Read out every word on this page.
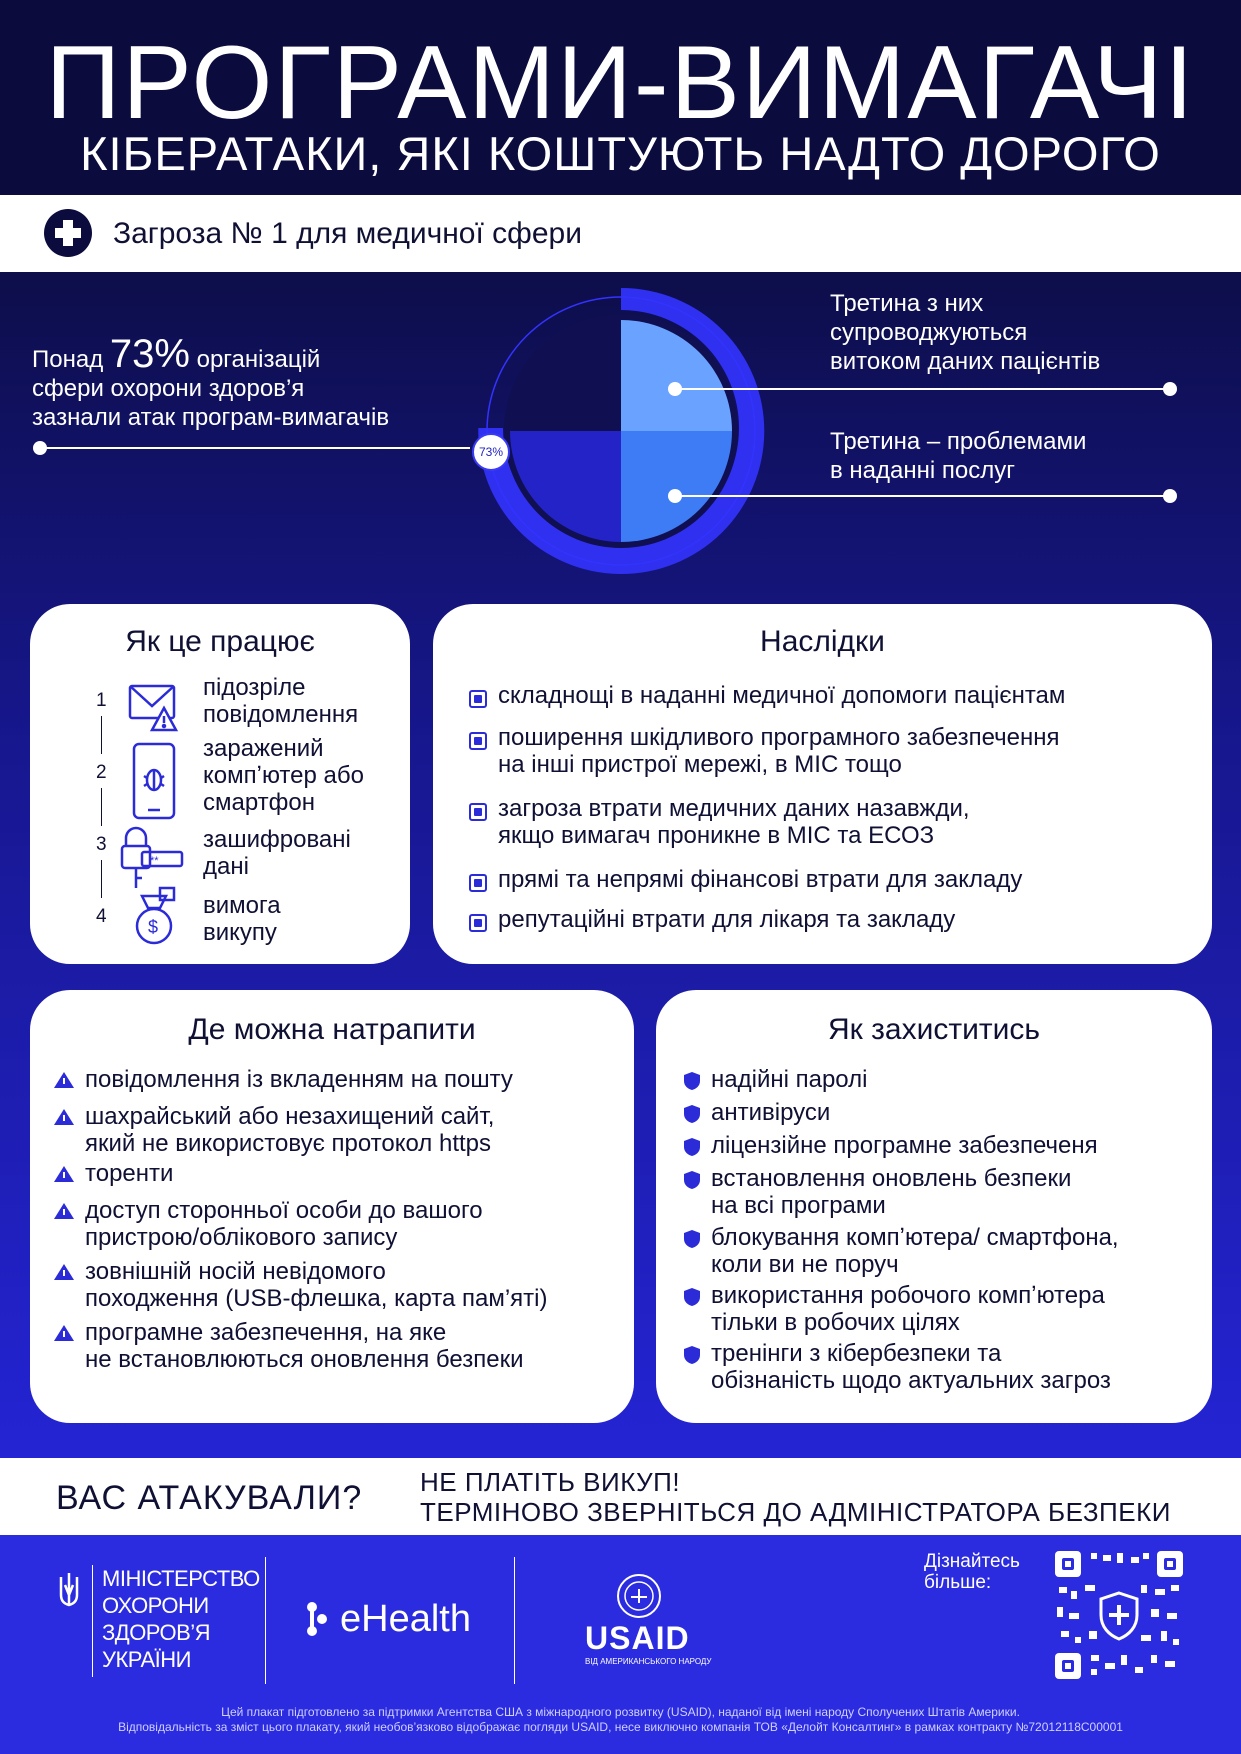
ПРОГРАМИ-ВИМАГАЧІ
КІБЕРАТАКИ, ЯКІ КОШТУЮТЬ НАДТО ДОРОГО
Загроза № 1 для медичної сфери
73%
Понад 73% організацій
сфери охорони здоров’я
зазнали атак програм-вимагачів
Третина з них
супроводжуються
витоком даних пацієнтів
Третина – проблемами
в наданні послуг
Як це працює
1
2
3
4
**
$
підозріле
повідомлення
заражений
компʼютер або
смартфон
зашифровані
дані
вимога
викупу
Наслідки
складнощі в наданні медичної допомоги пацієнтам
поширення шкідливого програмного забезпечення
на інші пристрої мережі, в МІС тощо
загроза втрати медичних даних назавжди,
якщо вимагач проникне в МІС та ЕСОЗ
прямі та непрямі фінансові втрати для закладу
репутаційні втрати для лікаря та закладу
Де можна натрапити
повідомлення із вкладенням на пошту
шахрайський або незахищений сайт,
який не використовує протокол https
торенти
доступ сторонньої особи до вашого
пристрою/облікового запису
зовнішній носій невідомого
походження (USB-флешка, карта пам’яті)
програмне забезпечення, на яке
не встановлюються оновлення безпеки
Як захиститись
надійні паролі
антивіруси
ліцензійне програмне забезпеченя
встановлення оновлень безпеки
на всі програми
блокування компʼютера/ смартфона,
коли ви не поруч
використання робочого компʼютера
тільки в робочих цілях
тренінги з кібербезпеки та
обізнаність щодо актуальних загроз
ВАС АТАКУВАЛИ? НЕ ПЛАТІТЬ ВИКУП!
ТЕРМІНОВО ЗВЕРНІТЬСЯ ДО АДМІНІСТРАТОРА БЕЗПЕКИ
МІНІСТЕРСТВО
ОХОРОНИ
ЗДОРОВ’Я
УКРАЇНИ
eHealth	USAID
ВІД АМЕРИКАНСЬКОГО НАРОДУ
Дізнайтесь
більше:
Цей плакат підготовлено за підтримки Агентства США з міжнародного розвитку (USAID), наданої від імені народу Сполучених Штатів Америки.
Відповідальність за зміст цього плакату, який необов’язково відображає погляди USAID, несе виключно компанія ТОВ «Делойт Консалтинг» в рамках контракту №72012118C00001
